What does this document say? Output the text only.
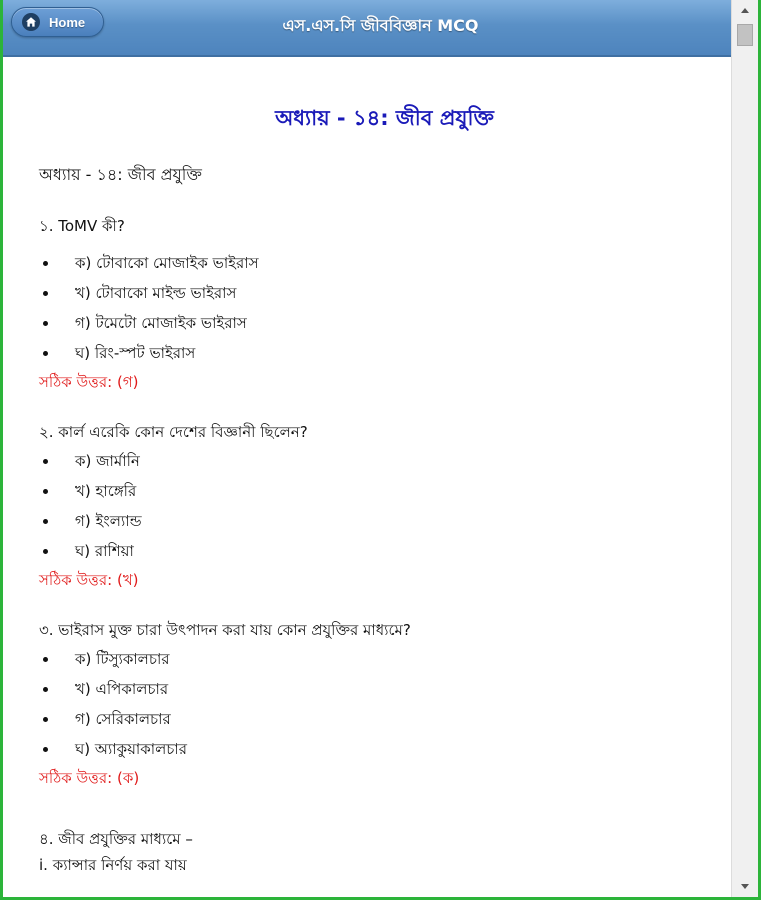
Home	এস.এস.সি জীববিজ্ঞান MCQ
অধ্যায় - ১৪: জীব প্রযুক্তি
অধ্যায় - ১৪: জীব প্রযুক্তি
১. ToMV কী?
ক) টোবাকো মোজাইক ভাইরাস
খ) টোবাকো মাইল্ড ভাইরাস
গ) টমেটো মোজাইক ভাইরাস
ঘ) রিং-স্পট ভাইরাস
সঠিক উত্তর: (গ)
২. কার্ল এরেকি কোন দেশের বিজ্ঞানী ছিলেন?
ক) জার্মানি
খ) হাঙ্গেরি
গ) ইংল্যান্ড
ঘ) রাশিয়া
সঠিক উত্তর: (খ)
৩. ভাইরাস মুক্ত চারা উৎপাদন করা যায় কোন প্রযুক্তির মাধ্যমে?
ক) টিস্যুকালচার
খ) এপিকালচার
গ) সেরিকালচার
ঘ) অ্যাকুয়াকালচার
সঠিক উত্তর: (ক)
৪. জীব প্রযুক্তির মাধ্যমে –
i. ক্যান্সার নির্ণয় করা যায়
